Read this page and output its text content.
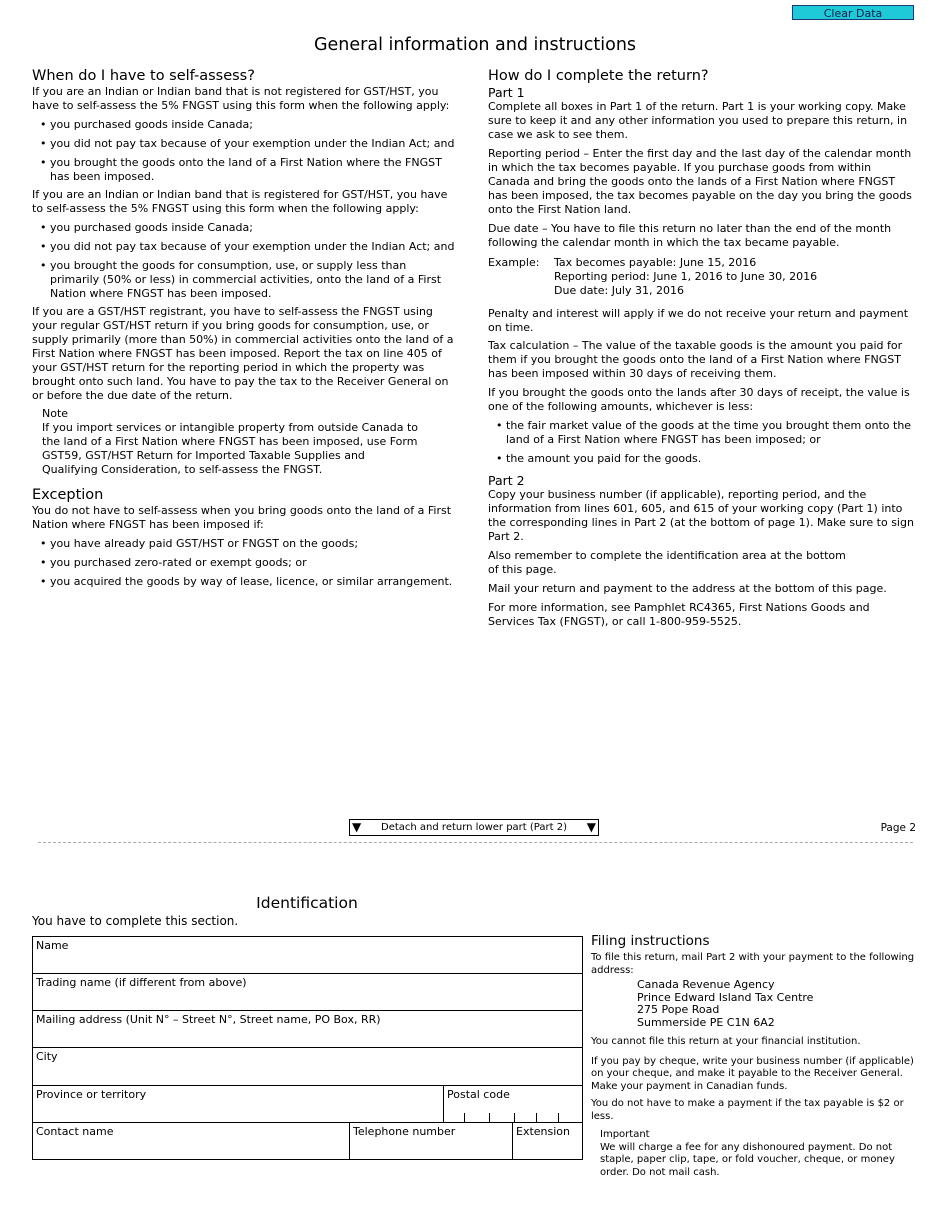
Clear Data
General information and instructions
When do I have to self-assess?

If you are an Indian or Indian band that is not registered for GST/HST, you have to self-assess the 5% FNGST using this form when the following apply:

• you purchased goods inside Canada;
• you did not pay tax because of your exemption under the Indian Act; and
• you brought the goods onto the land of a First Nation where the FNGST has been imposed.

If you are an Indian or Indian band that is registered for GST/HST, you have to self-assess the 5% FNGST using this form when the following apply:

• you purchased goods inside Canada;
• you did not pay tax because of your exemption under the Indian Act; and
• you brought the goods for consumption, use, or supply less than primarily (50% or less) in commercial activities, onto the land of a First Nation where FNGST has been imposed.

If you are a GST/HST registrant, you have to self-assess the FNGST using your regular GST/HST return if you bring goods for consumption, use, or supply primarily (more than 50%) in commercial activities onto the land of a First Nation where FNGST has been imposed. Report the tax on line 405 of your GST/HST return for the reporting period in which the property was brought onto such land. You have to pay the tax to the Receiver General on or before the due date of the return.

Note

If you import services or intangible property from outside Canada to the land of a First Nation where FNGST has been imposed, use Form GST59, GST/HST Return for Imported Taxable Supplies and Qualifying Consideration, to self-assess the FNGST.

Exception

You do not have to self-assess when you bring goods onto the land of a First Nation where FNGST has been imposed if:

• you have already paid GST/HST or FNGST on the goods;
• you purchased zero-rated or exempt goods; or
• you acquired the goods by way of lease, licence, or similar arrangement.
How do I complete the return?
Part 1

Complete all boxes in Part 1 of the return. Part 1 is your working copy. Make sure to keep it and any other information you used to prepare this return, in case we ask to see them.

Reporting period – Enter the first day and the last day of the calendar month in which the tax becomes payable. If you purchase goods from within Canada and bring the goods onto the lands of a First Nation where FNGST has been imposed, the tax becomes payable on the day you bring the goods onto the First Nation land.

Due date – You have to file this return no later than the end of the month following the calendar month in which the tax became payable.

Example: Tax becomes payable: June 15, 2016
Reporting period: June 1, 2016 to June 30, 2016
Due date: July 31, 2016

Penalty and interest will apply if we do not receive your return and payment on time.

Tax calculation – The value of the taxable goods is the amount you paid for them if you brought the goods onto the land of a First Nation where FNGST has been imposed within 30 days of receiving them.

If you brought the goods onto the lands after 30 days of receipt, the value is one of the following amounts, whichever is less:

• the fair market value of the goods at the time you brought them onto the land of a First Nation where FNGST has been imposed; or
• the amount you paid for the goods.
Part 2

Copy your business number (if applicable), reporting period, and the information from lines 601, 605, and 615 of your working copy (Part 1) into the corresponding lines in Part 2 (at the bottom of page 1). Make sure to sign Part 2.

Also remember to complete the identification area at the bottom of this page.

Mail your return and payment to the address at the bottom of this page.

For more information, see Pamphlet RC4365, First Nations Goods and Services Tax (FNGST), or call 1-800-959-5525.

▼ Detach and return lower part (Part 2) ▼	Page 2
Identification
You have to complete this section.
Name
Trading name (if different from above)
Mailing address (Unit N° – Street N°, Street name, PO Box, RR)
City
Province or territory	Postal code
Contact name	Telephone number	Extension
Filing instructions

To file this return, mail Part 2 with your payment to the following address:

Canada Revenue Agency
Prince Edward Island Tax Centre
275 Pope Road
Summerside PE C1N 6A2

You cannot file this return at your financial institution.

If you pay by cheque, write your business number (if applicable) on your cheque, and make it payable to the Receiver General. Make your payment in Canadian funds.

You do not have to make a payment if the tax payable is $2 or less.

Important

We will charge a fee for any dishonoured payment. Do not staple, paper clip, tape, or fold voucher, cheque, or money order. Do not mail cash.
